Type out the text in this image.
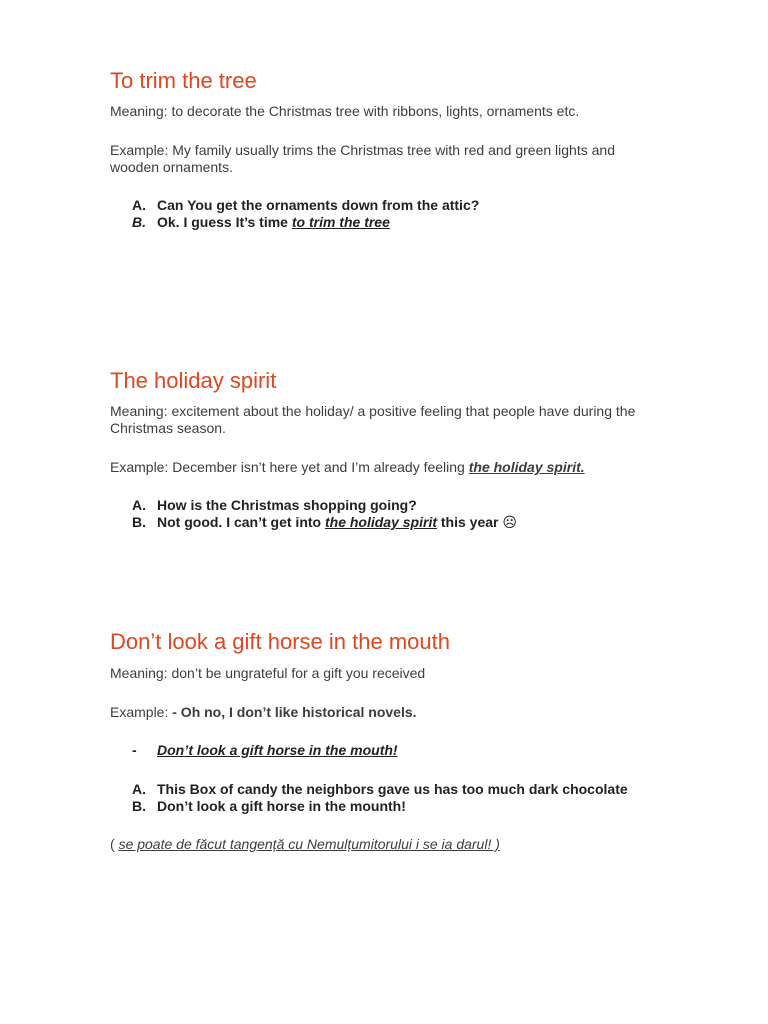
To trim the tree
Meaning: to decorate the Christmas tree with ribbons, lights, ornaments etc.
Example: My family usually trims the Christmas tree with red and green lights and
wooden ornaments.
A. Can You get the ornaments down from the attic?
B. Ok. I guess It’s time to trim the tree
The holiday spirit
Meaning: excitement about the holiday/ a positive feeling that people have during the
Christmas season.
Example: December isn’t here yet and I’m already feeling the holiday spirit.
A. How is the Christmas shopping going?
B. Not good. I can’t get into the holiday spirit this year ☹
Don’t look a gift horse in the mouth
Meaning: don’t be ungrateful for a gift you received
Example: - Oh no, I don’t like historical novels.
- Don’t look a gift horse in the mouth!
A. This Box of candy the neighbors gave us has too much dark chocolate
B. Don’t look a gift horse in the mounth!
( se poate de făcut tangență cu Nemulțumitorului i se ia darul! )
